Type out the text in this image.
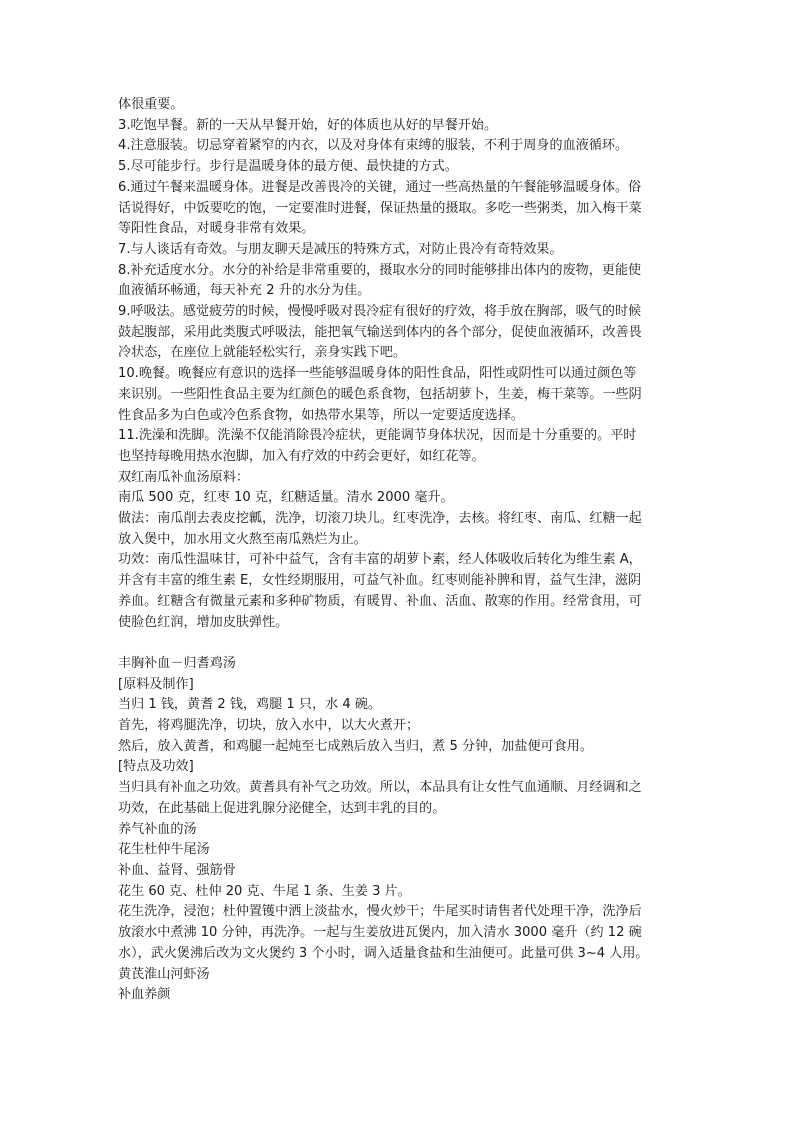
体很重要。

3.吃饱早餐。新的一天从早餐开始，好的体质也从好的早餐开始。

4.注意服装。切忌穿着紧窄的内衣，以及对身体有束缚的服装，不利于周身的血液循环。

5.尽可能步行。步行是温暖身体的最方便、最快捷的方式。

6.通过午餐来温暖身体。进餐是改善畏冷的关键，通过一些高热量的午餐能够温暖身体。俗

话说得好，中饭要吃的饱，一定要准时进餐，保证热量的摄取。多吃一些粥类，加入梅干菜

等阳性食品，对暖身非常有效果。

7.与人谈话有奇效。与朋友聊天是减压的特殊方式，对防止畏冷有奇特效果。

8.补充适度水分。水分的补给是非常重要的，摄取水分的同时能够排出体内的废物，更能使

血液循环畅通，每天补充 2 升的水分为佳。

9.呼吸法。感觉疲劳的时候，慢慢呼吸对畏冷症有很好的疗效，将手放在胸部，吸气的时候

鼓起腹部，采用此类腹式呼吸法，能把氧气输送到体内的各个部分，促使血液循环，改善畏

冷状态，在座位上就能轻松实行，亲身实践下吧。

10.晚餐。晚餐应有意识的选择一些能够温暖身体的阳性食品，阳性或阴性可以通过颜色等

来识别。一些阳性食品主要为红颜色的暖色系食物，包括胡萝卜，生姜，梅干菜等。一些阴

性食品多为白色或冷色系食物，如热带水果等，所以一定要适度选择。

11.洗澡和洗脚。洗澡不仅能消除畏冷症状，更能调节身体状况，因而是十分重要的。平时

也坚持每晚用热水泡脚，加入有疗效的中药会更好，如红花等。

双红南瓜补血汤原料：

南瓜 500 克，红枣 10 克，红糖适量。清水 2000 毫升。

做法：南瓜削去表皮挖瓤，洗净，切滚刀块儿。红枣洗净，去核。将红枣、南瓜、红糖一起

放入煲中，加水用文火熬至南瓜熟烂为止。

功效：南瓜性温味甘，可补中益气，含有丰富的胡萝卜素，经人体吸收后转化为维生素 A，

并含有丰富的维生素 E，女性经期服用，可益气补血。红枣则能补脾和胃，益气生津，滋阴

养血。红糖含有微量元素和多种矿物质，有暖胃、补血、活血、散寒的作用。经常食用，可

使脸色红润，增加皮肤弹性。

丰胸补血－归耆鸡汤

[原料及制作]

当归 1 钱，黄耆 2 钱，鸡腿 1 只，水 4 碗。

首先，将鸡腿洗净，切块，放入水中，以大火煮开；

然后，放入黄耆，和鸡腿一起炖至七成熟后放入当归，煮 5 分钟，加盐便可食用。

[特点及功效]

当归具有补血之功效。黄耆具有补气之功效。所以，本品具有让女性气血通顺、月经调和之

功效，在此基础上促进乳腺分泌健全，达到丰乳的目的。

养气补血的汤

花生杜仲牛尾汤

补血、益肾、强筋骨

花生 60 克、杜仲 20 克、牛尾 1 条、生姜 3 片。

花生洗净，浸泡；杜仲置镬中洒上淡盐水，慢火炒干；牛尾买时请售者代处理干净，洗净后

放滚水中煮沸 10 分钟，再洗净。一起与生姜放进瓦煲内，加入清水 3000 毫升（约 12 碗

水），武火煲沸后改为文火煲约 3 个小时，调入适量食盐和生油便可。此量可供 3~4 人用。

黄芪淮山河虾汤

补血养颜
